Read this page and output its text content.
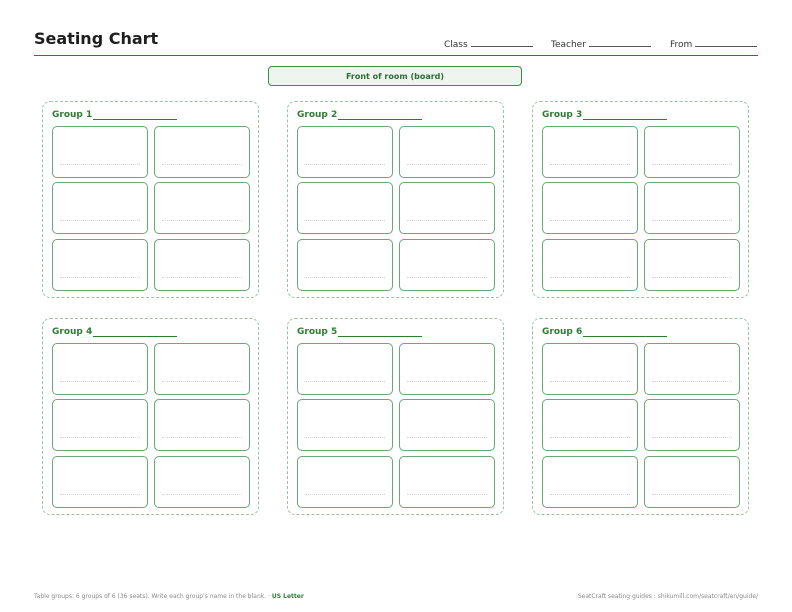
Seating Chart	Class	Teacher	From
Front of room (board)
Group 1	Group 2	Group 3
Group 4	Group 5	Group 6
Table groups: 6 groups of 6 (36 seats). Write each group's name in the blank. · US Letter	SeatCraft seating guides : shikumill.com/seatcraft/en/guide/
